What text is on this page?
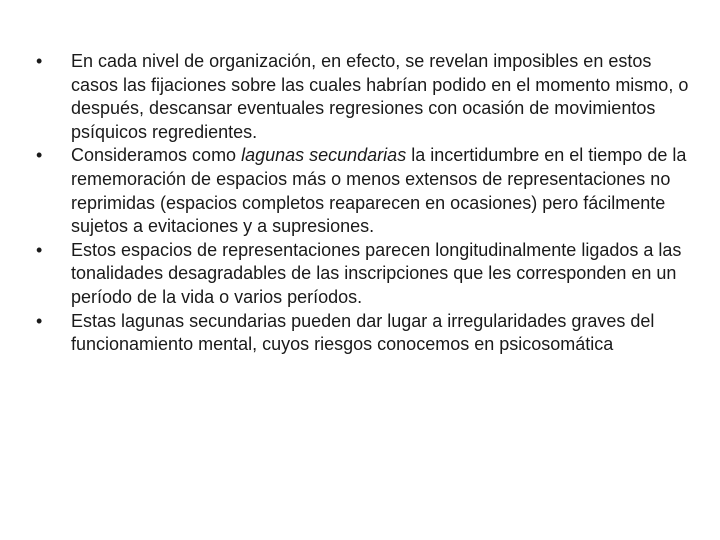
•	En cada nivel de organización, en efecto, se revelan imposibles en estos casos las fijaciones sobre las cuales habrían podido en el momento mismo, o después, descansar eventuales regresiones con ocasión de movimientos psíquicos regredientes.
•	Consideramos como lagunas secundarias la incertidumbre en el tiempo de la rememoración de espacios más o menos extensos de representaciones no reprimidas (espacios completos reaparecen en ocasiones) pero fácilmente sujetos a evitaciones y a supresiones.
•	Estos espacios de representaciones parecen longitudinalmente ligados a las tonalidades desagradables de las inscripciones que les corresponden en un período de la vida o varios períodos.
•	Estas lagunas secundarias pueden dar lugar a irregularidades graves del funcionamiento mental, cuyos riesgos conocemos en psicosomática
